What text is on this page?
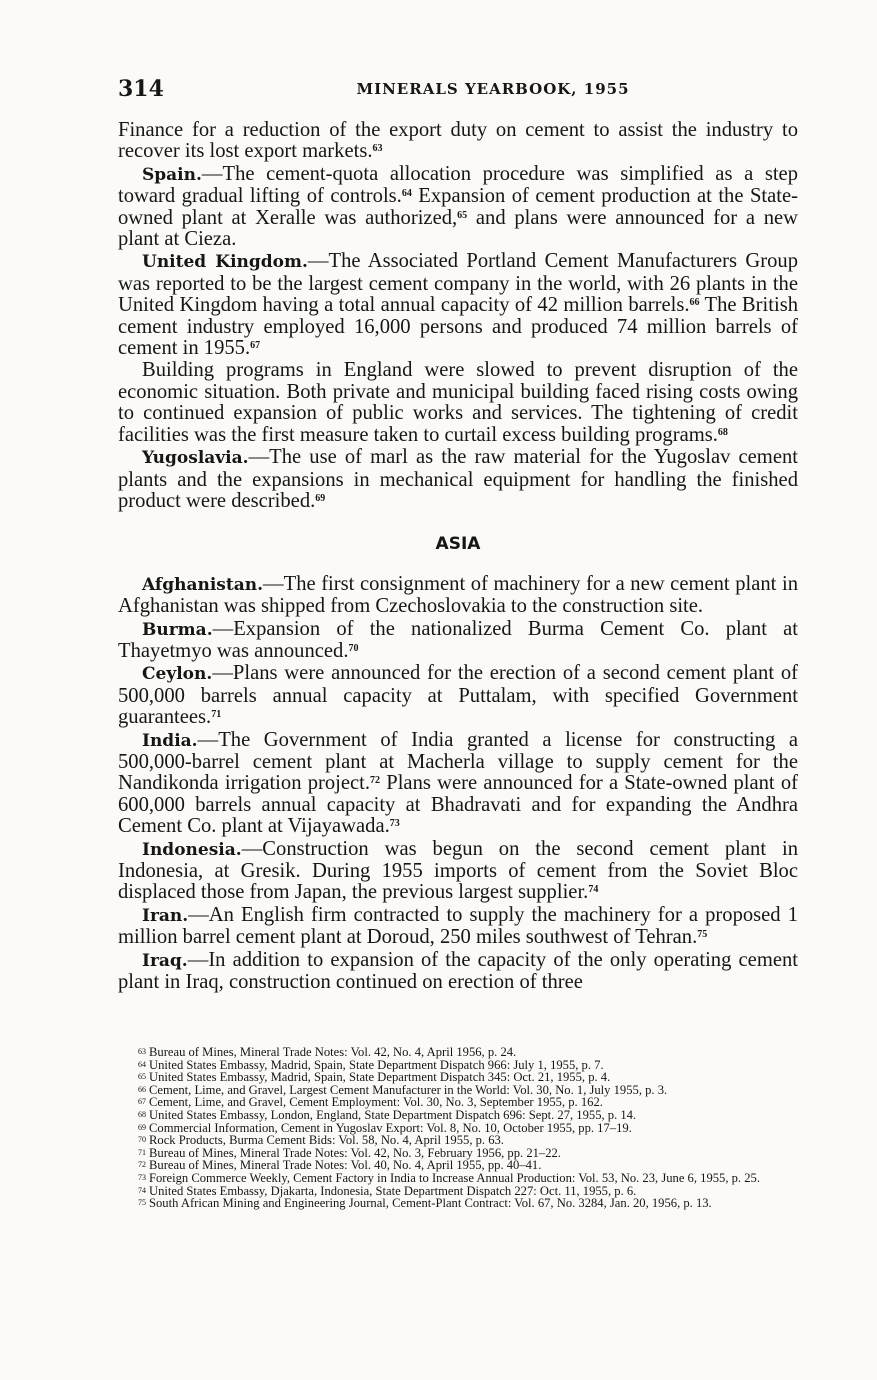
314	MINERALS YEARBOOK, 1955

Finance for a reduction of the export duty on cement to assist the industry to recover its lost export markets.$^{63}$

Spain.—The cement-quota allocation procedure was simplified as a step toward gradual lifting of controls.$^{64}$ Expansion of cement production at the State-owned plant at Xeralle was authorized,$^{65}$ and plans were announced for a new plant at Cieza.

United Kingdom.—The Associated Portland Cement Manufacturers Group was reported to be the largest cement company in the world, with 26 plants in the United Kingdom having a total annual capacity of 42 million barrels.$^{66}$ The British cement industry employed 16,000 persons and produced 74 million barrels of cement in 1955.67

Building programs in England were slowed to prevent disruption of the economic situation. Both private and municipal building faced rising costs owing to continued expansion of public works and services. The tightening of credit facilities was the first measure taken to curtail excess building programs.$^{68}$

Yugoslavia.—The use of marl as the raw material for the Yugoslav cement plants and the expansions in mechanical equipment for handling the finished product were described.$^{69}$

ASIA

Afghanistan.—The first consignment of machinery for a new cement plant in Afghanistan was shipped from Czechoslovakia to the construction site.

Burma.—Expansion of the nationalized Burma Cement Co. plant at Thayetmyo was announced.$^{70}$

Ceylon.—Plans were announced for the erection of a second cement plant of 500,000 barrels annual capacity at Puttalam, with specified Government guarantees.$^{71}$

India.—The Government of India granted a license for constructing a 500,000-barrel cement plant at Macherla village to supply cement for the Nandikonda irrigation project.$^{72}$ Plans were announced for a State-owned plant of 600,000 barrels annual capacity at Bhadravati and for expanding the Andhra Cement Co. plant at Vijayawada.$^{73}$

Indonesia.—Construction was begun on the second cement plant in Indonesia, at Gresik. During 1955 imports of cement from the Soviet Bloc displaced those from Japan, the previous largest supplier.$^{74}$

Iran.—An English firm contracted to supply the machinery for a proposed 1 million barrel cement plant at Doroud, 250 miles southwest of Tehran.$^{75}$

Iraq.—In addition to expansion of the capacity of the only operating cement plant in Iraq, construction continued on erection of three

63 Bureau of Mines, Mineral Trade Notes: Vol. 42, No. 4, April 1956, p. 24.

64 United States Embassy, Madrid, Spain, State Department Dispatch 966: July 1, 1955, p. 7.

65 United States Embassy, Madrid, Spain, State Department Dispatch 345: Oct. 21, 1955, p. 4.

66 Cement, Lime, and Gravel, Largest Cement Manufacturer in the World: Vol. 30, No. 1, July 1955, p. 3.

67 Cement, Lime, and Gravel, Cement Employment: Vol. 30, No. 3, September 1955, p. 162.

68 United States Embassy, London, England, State Department Dispatch 696: Sept. 27, 1955, p. 14.

69 Commercial Information, Cement in Yugoslav Export: Vol. 8, No. 10, October 1955, pp. 17–19.

70 Rock Products, Burma Cement Bids: Vol. 58, No. 4, April 1955, p. 63.

71 Bureau of Mines, Mineral Trade Notes: Vol. 42, No. 3, February 1956, pp. 21–22.

72 Bureau of Mines, Mineral Trade Notes: Vol. 40, No. 4, April 1955, pp. 40–41.

73 Foreign Commerce Weekly, Cement Factory in India to Increase Annual Production: Vol. 53, No. 23, June 6, 1955, p. 25.

74 United States Embassy, Djakarta, Indonesia, State Department Dispatch 227: Oct. 11, 1955, p. 6.

75 South African Mining and Engineering Journal, Cement-Plant Contract: Vol. 67, No. 3284, Jan. 20, 1956, p. 13.
